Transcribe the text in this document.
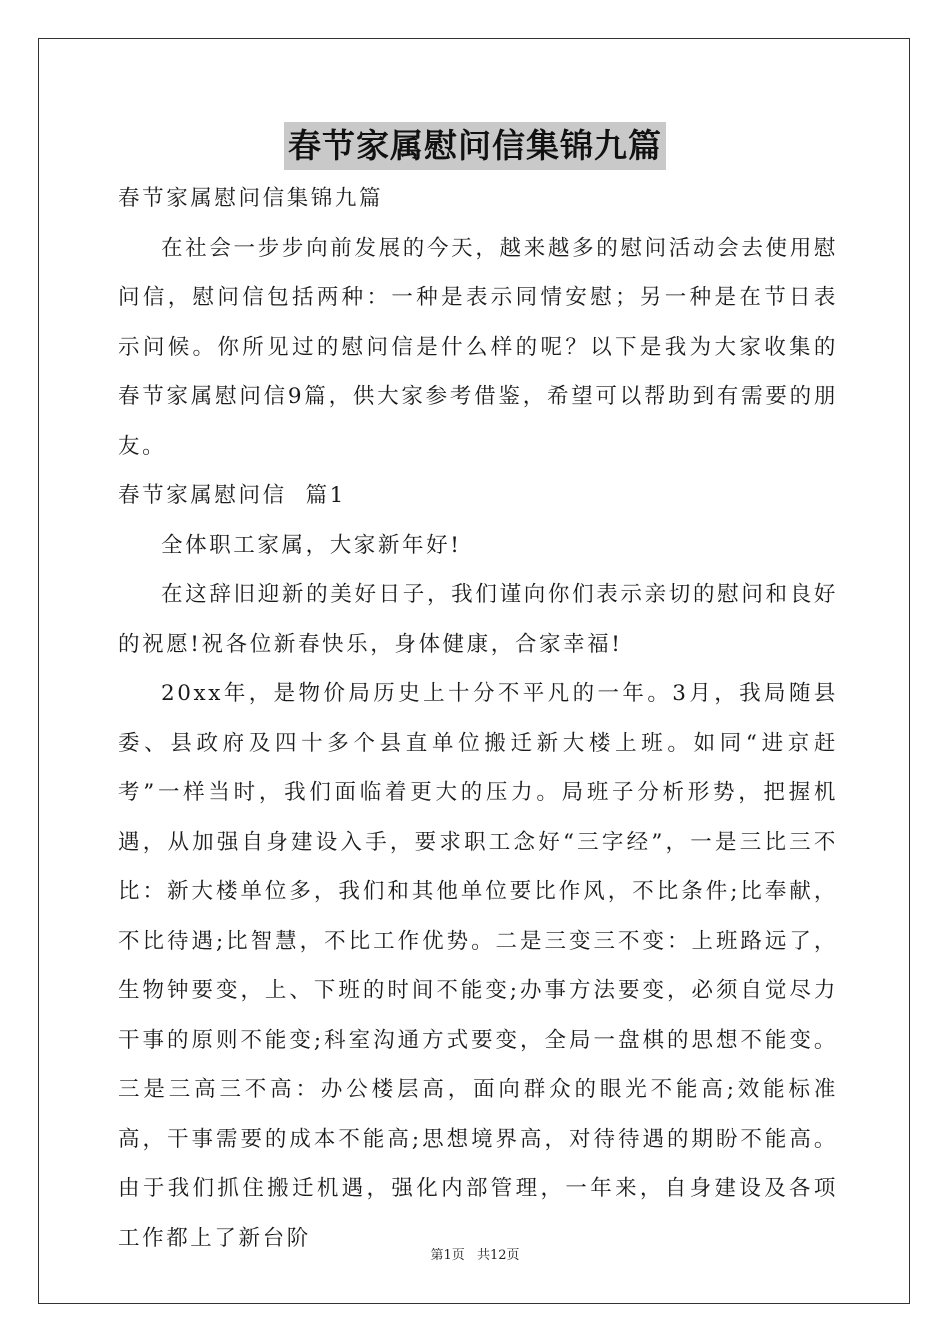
春节家属慰问信集锦九篇

春节家属慰问信集锦九篇

在社会一步步向前发展的今天，越来越多的慰问活动会去使用慰问信，慰问信包括两种：一种是表示同情安慰；另一种是在节日表示问候。你所见过的慰问信是什么样的呢？以下是我为大家收集的春节家属慰问信9篇，供大家参考借鉴，希望可以帮助到有需要的朋友。

春节家属慰问信  篇1

全体职工家属，大家新年好!

在这辞旧迎新的美好日子，我们谨向你们表示亲切的慰问和良好的祝愿!祝各位新春快乐，身体健康，合家幸福!

20xx年，是物价局历史上十分不平凡的一年。3月，我局随县委、县政府及四十多个县直单位搬迁新大楼上班。如同“进京赶考”一样当时，我们面临着更大的压力。局班子分析形势，把握机遇，从加强自身建设入手，要求职工念好“三字经”，一是三比三不比：新大楼单位多，我们和其他单位要比作风，不比条件;比奉献，不比待遇;比智慧，不比工作优势。二是三变三不变：上班路远了，生物钟要变，上、下班的时间不能变;办事方法要变，必须自觉尽力干事的原则不能变;科室沟通方式要变，全局一盘棋的思想不能变。三是三高三不高：办公楼层高，面向群众的眼光不能高;效能标准高，干事需要的成本不能高;思想境界高，对待待遇的期盼不能高。由于我们抓住搬迁机遇，强化内部管理，一年来，自身建设及各项工作都上了新台阶

第1页 共12页
